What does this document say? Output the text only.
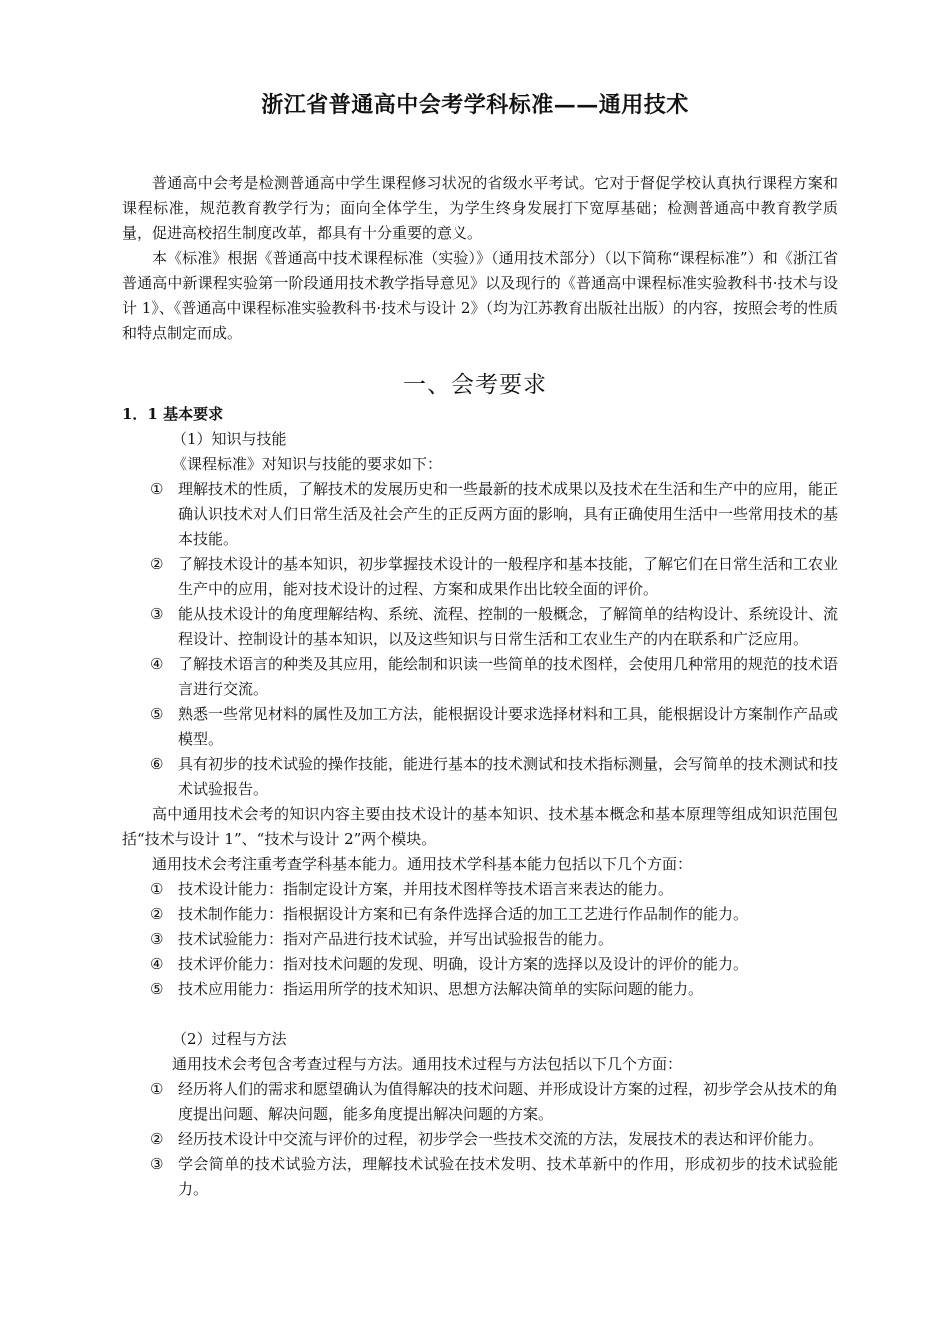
浙江省普通高中会考学科标准——通用技术

普通高中会考是检测普通高中学生课程修习状况的省级水平考试。它对于督促学校认真执行课程方案和课程标准，规范教育教学行为；面向全体学生，为学生终身发展打下宽厚基础；检测普通高中教育教学质量，促进高校招生制度改革，都具有十分重要的意义。

本《标准》根据《普通高中技术课程标准（实验）》（通用技术部分）（以下简称“课程标准”）和《浙江省普通高中新课程实验第一阶段通用技术教学指导意见》以及现行的《普通高中课程标准实验教科书·技术与设计 1》、《普通高中课程标准实验教科书·技术与设计 2》（均为江苏教育出版社出版）的内容，按照会考的性质和特点制定而成。

一、会考要求

1．1 基本要求

（1）知识与技能

《课程标准》对知识与技能的要求如下：

① 理解技术的性质，了解技术的发展历史和一些最新的技术成果以及技术在生活和生产中的应用，能正确认识技术对人们日常生活及社会产生的正反两方面的影响，具有正确使用生活中一些常用技术的基本技能。
② 了解技术设计的基本知识，初步掌握技术设计的一般程序和基本技能，了解它们在日常生活和工农业生产中的应用，能对技术设计的过程、方案和成果作出比较全面的评价。
③ 能从技术设计的角度理解结构、系统、流程、控制的一般概念，了解简单的结构设计、系统设计、流程设计、控制设计的基本知识，以及这些知识与日常生活和工农业生产的内在联系和广泛应用。
④ 了解技术语言的种类及其应用，能绘制和识读一些简单的技术图样，会使用几种常用的规范的技术语言进行交流。
⑤ 熟悉一些常见材料的属性及加工方法，能根据设计要求选择材料和工具，能根据设计方案制作产品或模型。
⑥ 具有初步的技术试验的操作技能，能进行基本的技术测试和技术指标测量，会写简单的技术测试和技术试验报告。

高中通用技术会考的知识内容主要由技术设计的基本知识、技术基本概念和基本原理等组成知识范围包括“技术与设计 1”、“技术与设计 2”两个模块。

通用技术会考注重考查学科基本能力。通用技术学科基本能力包括以下几个方面：

① 技术设计能力：指制定设计方案，并用技术图样等技术语言来表达的能力。
② 技术制作能力：指根据设计方案和已有条件选择合适的加工工艺进行作品制作的能力。
③ 技术试验能力：指对产品进行技术试验，并写出试验报告的能力。
④ 技术评价能力：指对技术问题的发现、明确，设计方案的选择以及设计的评价的能力。
⑤ 技术应用能力：指运用所学的技术知识、思想方法解决简单的实际问题的能力。

（2）过程与方法

通用技术会考包含考查过程与方法。通用技术过程与方法包括以下几个方面：

① 经历将人们的需求和愿望确认为值得解决的技术问题、并形成设计方案的过程，初步学会从技术的角度提出问题、解决问题，能多角度提出解决问题的方案。
② 经历技术设计中交流与评价的过程，初步学会一些技术交流的方法，发展技术的表达和评价能力。
③ 学会简单的技术试验方法，理解技术试验在技术发明、技术革新中的作用，形成初步的技术试验能力。
